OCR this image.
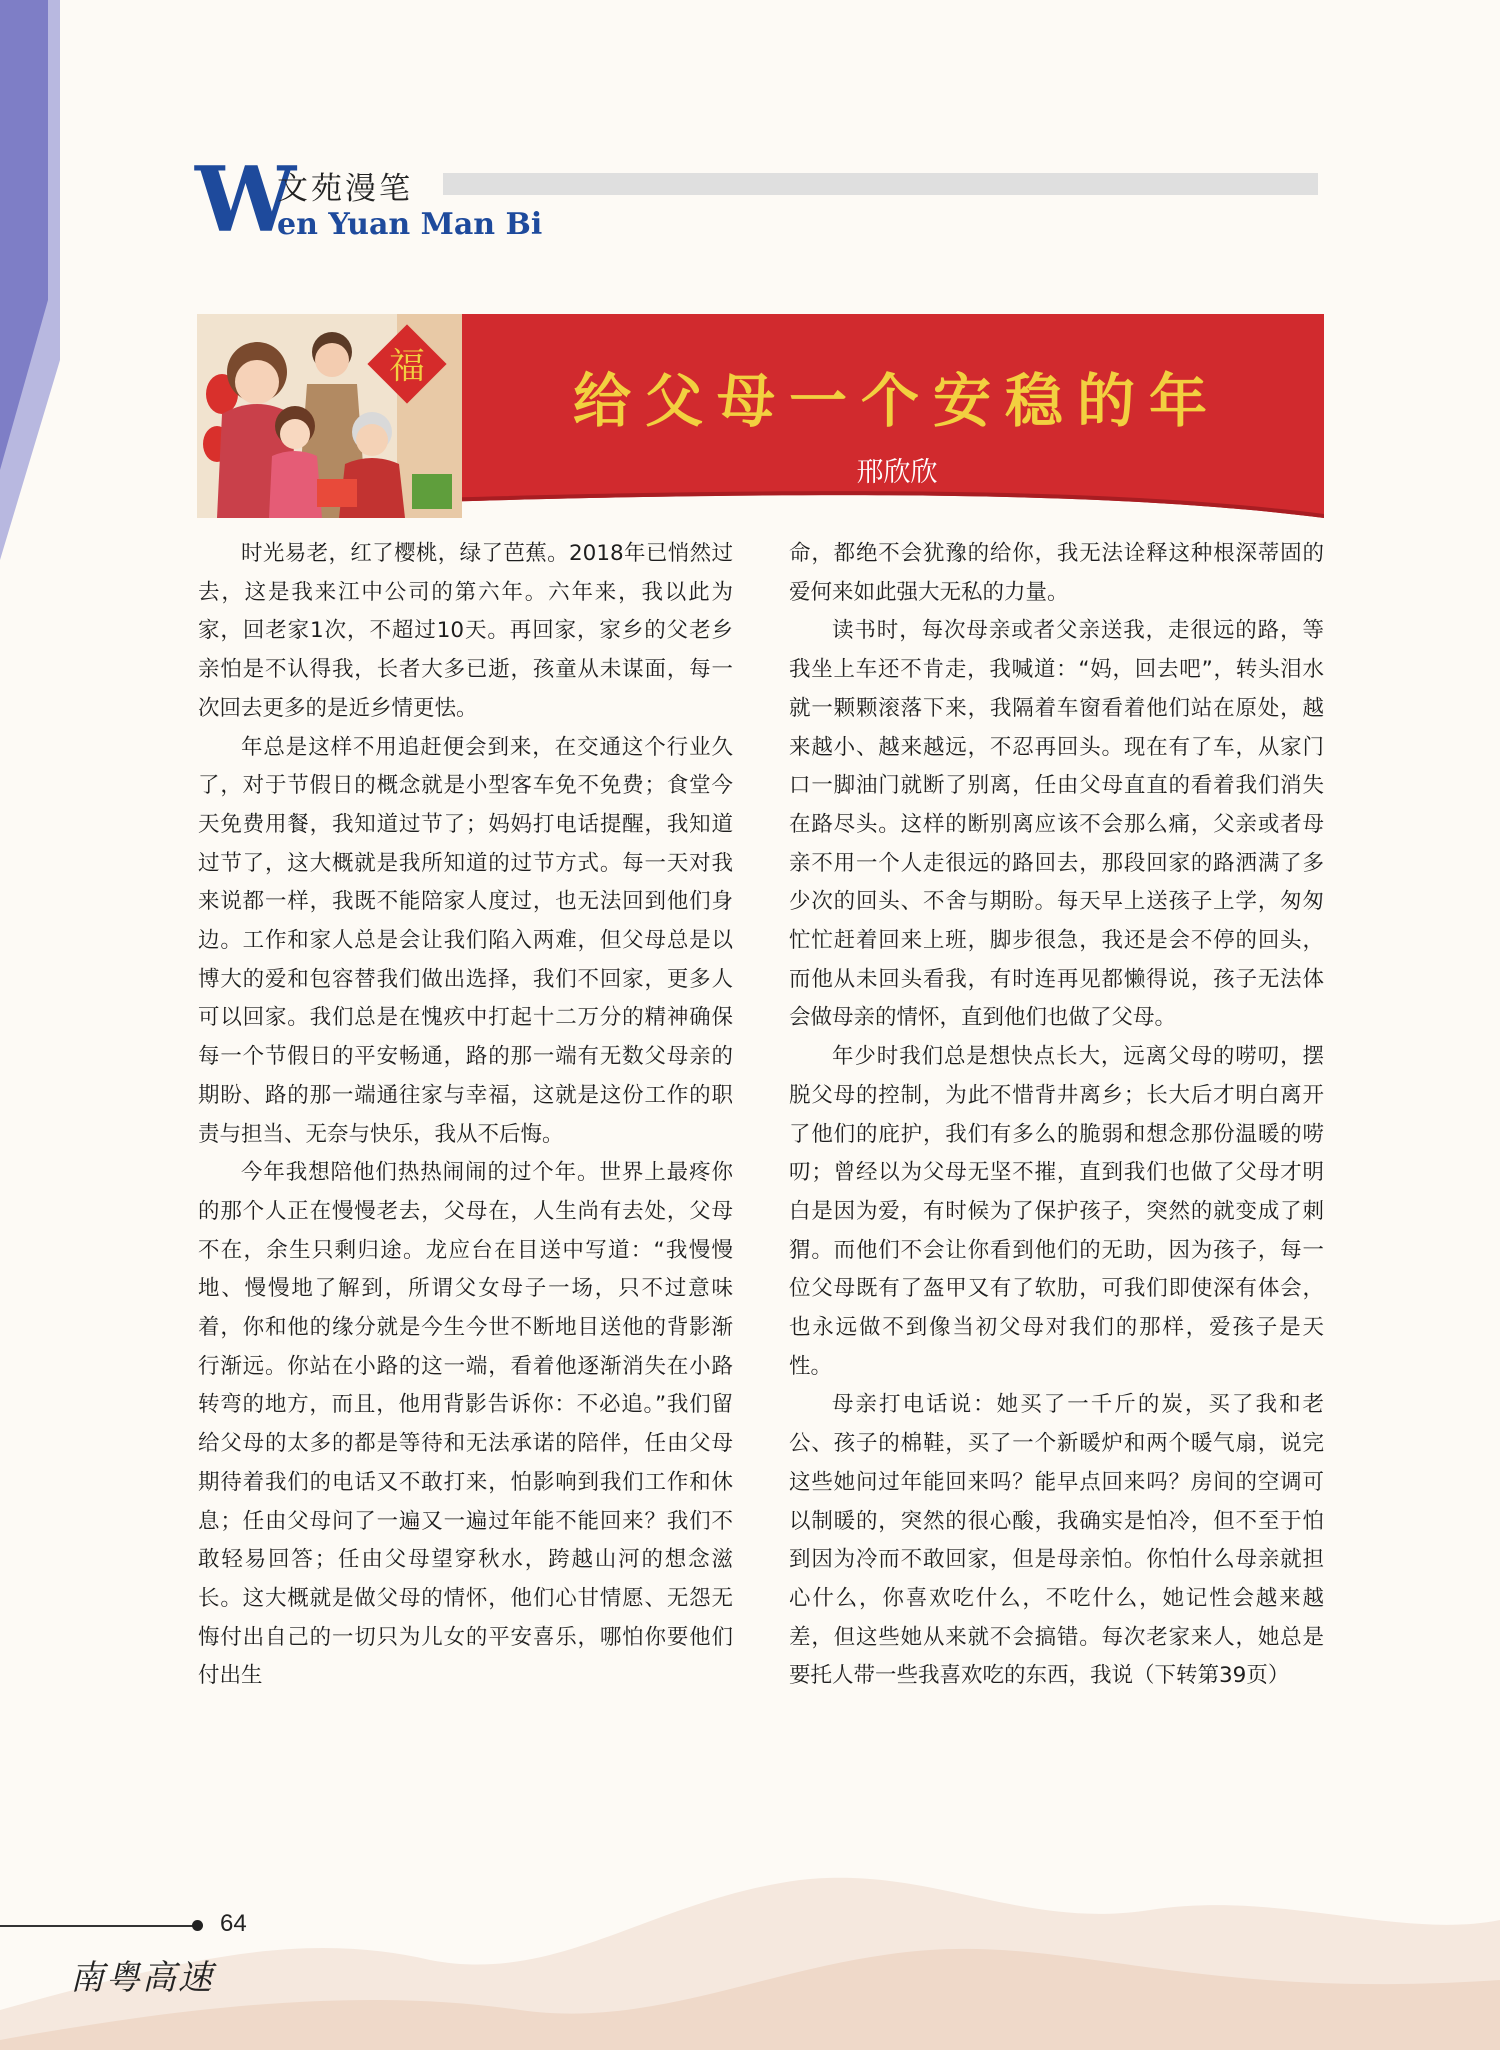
W
文苑漫笔
en Yuan Man Bi
福
给父母一个安稳的年
邢欣欣

时光易老，红了樱桃，绿了芭蕉。2018年已悄然过去，这是我来江中公司的第六年。六年来，我以此为家，回老家1次，不超过10天。再回家，家乡的父老乡亲怕是不认得我，长者大多已逝，孩童从未谋面，每一次回去更多的是近乡情更怯。

年总是这样不用追赶便会到来，在交通这个行业久了，对于节假日的概念就是小型客车免不免费；食堂今天免费用餐，我知道过节了；妈妈打电话提醒，我知道过节了，这大概就是我所知道的过节方式。每一天对我来说都一样，我既不能陪家人度过，也无法回到他们身边。工作和家人总是会让我们陷入两难，但父母总是以博大的爱和包容替我们做出选择，我们不回家，更多人可以回家。我们总是在愧疚中打起十二万分的精神确保每一个节假日的平安畅通，路的那一端有无数父母亲的期盼、路的那一端通往家与幸福，这就是这份工作的职责与担当、无奈与快乐，我从不后悔。

今年我想陪他们热热闹闹的过个年。世界上最疼你的那个人正在慢慢老去，父母在，人生尚有去处，父母不在，余生只剩归途。龙应台在目送中写道：“我慢慢地、慢慢地了解到，所谓父女母子一场，只不过意味着，你和他的缘分就是今生今世不断地目送他的背影渐行渐远。你站在小路的这一端，看着他逐渐消失在小路转弯的地方，而且，他用背影告诉你：不必追。”我们留给父母的太多的都是等待和无法承诺的陪伴，任由父母期待着我们的电话又不敢打来，怕影响到我们工作和休息；任由父母问了一遍又一遍过年能不能回来？我们不敢轻易回答；任由父母望穿秋水，跨越山河的想念滋长。这大概就是做父母的情怀，他们心甘情愿、无怨无悔付出自己的一切只为儿女的平安喜乐，哪怕你要他们付出生

命，都绝不会犹豫的给你，我无法诠释这种根深蒂固的爱何来如此强大无私的力量。

读书时，每次母亲或者父亲送我，走很远的路，等我坐上车还不肯走，我喊道：“妈，回去吧”，转头泪水就一颗颗滚落下来，我隔着车窗看着他们站在原处，越来越小、越来越远，不忍再回头。现在有了车，从家门口一脚油门就断了别离，任由父母直直的看着我们消失在路尽头。这样的断别离应该不会那么痛，父亲或者母亲不用一个人走很远的路回去，那段回家的路洒满了多少次的回头、不舍与期盼。每天早上送孩子上学，匆匆忙忙赶着回来上班，脚步很急，我还是会不停的回头，而他从未回头看我，有时连再见都懒得说，孩子无法体会做母亲的情怀，直到他们也做了父母。

年少时我们总是想快点长大，远离父母的唠叨，摆脱父母的控制，为此不惜背井离乡；长大后才明白离开了他们的庇护，我们有多么的脆弱和想念那份温暖的唠叨；曾经以为父母无坚不摧，直到我们也做了父母才明白是因为爱，有时候为了保护孩子，突然的就变成了刺猬。而他们不会让你看到他们的无助，因为孩子，每一位父母既有了盔甲又有了软肋，可我们即使深有体会，也永远做不到像当初父母对我们的那样，爱孩子是天性。

母亲打电话说：她买了一千斤的炭，买了我和老公、孩子的棉鞋，买了一个新暖炉和两个暖气扇，说完这些她问过年能回来吗？能早点回来吗？房间的空调可以制暖的，突然的很心酸，我确实是怕冷，但不至于怕到因为冷而不敢回家，但是母亲怕。你怕什么母亲就担心什么，你喜欢吃什么，不吃什么，她记性会越来越差，但这些她从来就不会搞错。每次老家来人，她总是要托人带一些我喜欢吃的东西，我说（下转第39页）

64
南粤高速
